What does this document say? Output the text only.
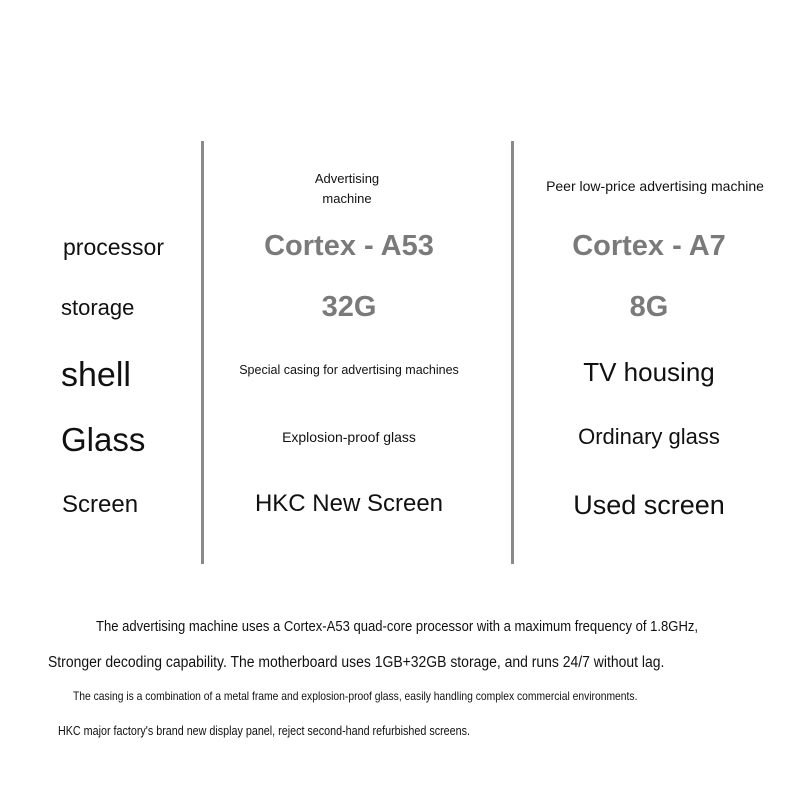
Advertising
machine
Peer low-price advertising machine
processor
storage
shell
Glass
Screen
Cortex - A53
32G
Special casing for advertising machines
Explosion-proof glass
HKC New Screen
Cortex - A7
8G
TV housing
Ordinary glass
Used screen
The advertising machine uses a Cortex-A53 quad-core processor with a maximum frequency of 1.8GHz,
Stronger decoding capability. The motherboard uses 1GB+32GB storage, and runs 24/7 without lag.
The casing is a combination of a metal frame and explosion-proof glass, easily handling complex commercial environments.
HKC major factory's brand new display panel, reject second-hand refurbished screens.
